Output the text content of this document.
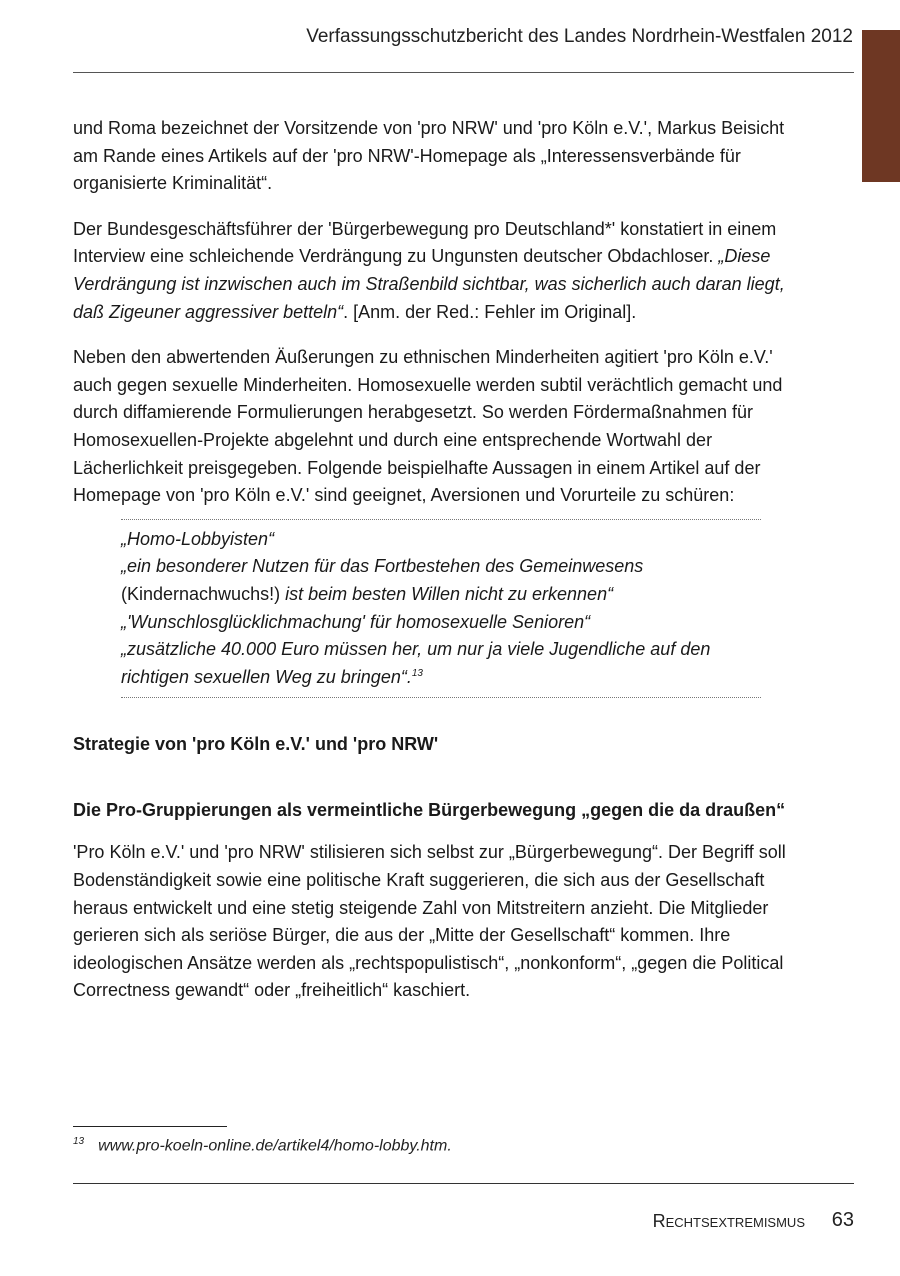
Verfassungsschutzbericht des Landes Nordrhein-Westfalen 2012

und Roma bezeichnet der Vorsitzende von 'pro NRW' und 'pro Köln e.V.', Markus Beisicht am Rande eines Artikels auf der 'pro NRW'-Homepage als „Interessensverbände für organisierte Kriminalität“.

Der Bundesgeschäftsführer der 'Bürgerbewegung pro Deutschland*' konstatiert in einem Interview eine schleichende Verdrängung zu Ungunsten deutscher Obdachloser. „Diese Verdrängung ist inzwischen auch im Straßenbild sichtbar, was sicherlich auch daran liegt, daß Zigeuner aggressiver betteln“. [Anm. der Red.: Fehler im Original].

Neben den abwertenden Äußerungen zu ethnischen Minderheiten agitiert 'pro Köln e.V.' auch gegen sexuelle Minderheiten. Homosexuelle werden subtil verächtlich gemacht und durch diffamierende Formulierungen herabgesetzt. So werden Fördermaßnahmen für Homosexuellen-Projekte abgelehnt und durch eine entsprechende Wortwahl der Lächerlichkeit preisgegeben. Folgende beispielhafte Aussagen in einem Artikel auf der Homepage von 'pro Köln e.V.' sind geeignet, Aversionen und Vorurteile zu schüren:

„Homo-Lobbyisten“

„ein besonderer Nutzen für das Fortbestehen des Gemeinwesens (Kindernachwuchs!) ist beim besten Willen nicht zu erkennen“

„'Wunschlosglücklichmachung' für homosexuelle Senioren“

„zusätzliche 40.000 Euro müssen her, um nur ja viele Jugendliche auf den richtigen sexuellen Weg zu bringen“.$^{13}$

Strategie von 'pro Köln e.V.' und 'pro NRW'
Die Pro-Gruppierungen als vermeintliche Bürgerbewegung „gegen die da draußen“

'Pro Köln e.V.' und 'pro NRW' stilisieren sich selbst zur „Bürgerbewegung“. Der Begriff soll Bodenständigkeit sowie eine politische Kraft suggerieren, die sich aus der Gesellschaft heraus entwickelt und eine stetig steigende Zahl von Mitstreitern anzieht. Die Mitglieder gerieren sich als seriöse Bürger, die aus der „Mitte der Gesellschaft“ kommen. Ihre ideologischen Ansätze werden als „rechtspopulistisch“, „nonkonform“, „gegen die Political Correctness gewandt“ oder „freiheitlich“ kaschiert.

$^{13}$ www.pro-koeln-online.de/artikel4/homo-lobby.htm.
Rechtsextremismus 63
